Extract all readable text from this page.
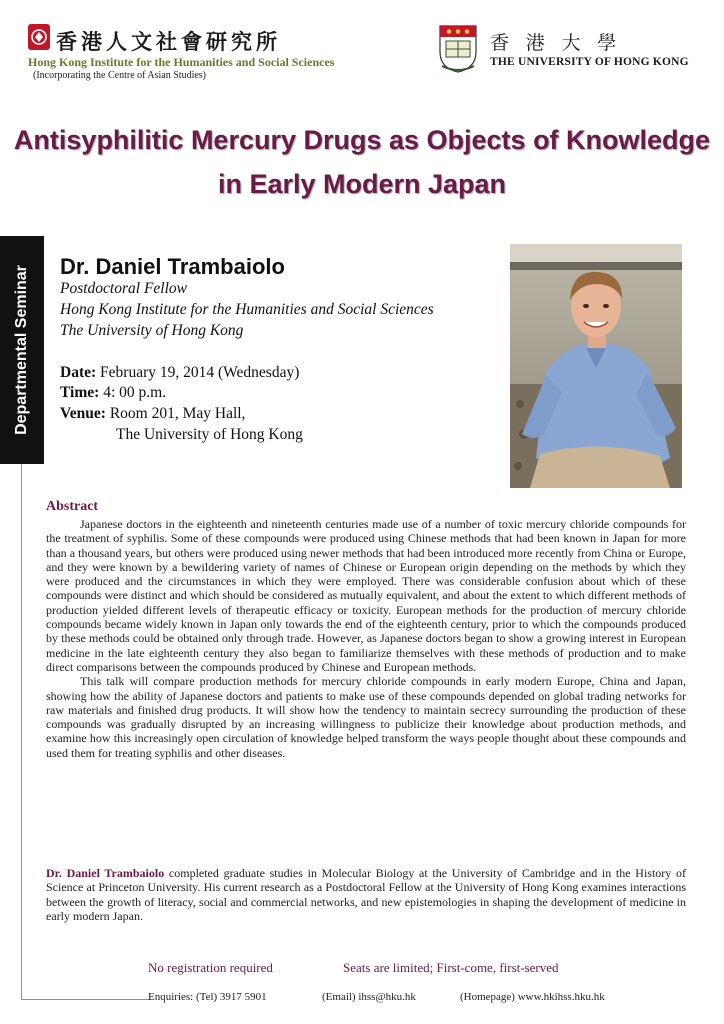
香港人文社會研究所
Hong Kong Institute for the Humanities and Social Sciences
(Incorporating the Centre of Asian Studies)
香 港 大 學
THE UNIVERSITY OF HONG KONG
Antisyphilitic Mercury Drugs as Objects of Knowledge
in Early Modern Japan
Departmental Seminar Dr. Daniel Trambaiolo
Postdoctoral Fellow
Hong Kong Institute for the Humanities and Social Sciences
The University of Hong Kong
Date: February 19, 2014 (Wednesday)
Time: 4: 00 p.m.
Venue: Room 201, May Hall,
The University of Hong Kong
Abstract

Japanese doctors in the eighteenth and nineteenth centuries made use of a number of toxic mercury chloride compounds for the treatment of syphilis. Some of these compounds were produced using Chinese methods that had been known in Japan for more than a thousand years, but others were produced using newer methods that had been introduced more recently from China or Europe, and they were known by a bewildering variety of names of Chinese or European origin depending on the methods by which they were produced and the circumstances in which they were employed. There was considerable confusion about which of these compounds were distinct and which should be considered as mutually equivalent, and about the extent to which different methods of production yielded different levels of therapeutic efficacy or toxicity. European methods for the production of mercury chloride compounds became widely known in Japan only towards the end of the eighteenth century, prior to which the compounds produced by these methods could be obtained only through trade. However, as Japanese doctors began to show a growing interest in European medicine in the late eighteenth century they also began to familiarize themselves with these methods of production and to make direct comparisons between the compounds produced by Chinese and European methods.

This talk will compare production methods for mercury chloride compounds in early modern Europe, China and Japan, showing how the ability of Japanese doctors and patients to make use of these compounds depended on global trading networks for raw materials and finished drug products. It will show how the tendency to maintain secrecy surrounding the production of these compounds was gradually disrupted by an increasing willingness to publicize their knowledge about production methods, and examine how this increasingly open circulation of knowledge helped transform the ways people thought about these compounds and used them for treating syphilis and other diseases.

Dr. Daniel Trambaiolo completed graduate studies in Molecular Biology at the University of Cambridge and in the History of Science at Princeton University. His current research as a Postdoctoral Fellow at the University of Hong Kong examines interactions between the growth of literacy, social and commercial networks, and new epistemologies in shaping the development of medicine in early modern Japan.
No registration required	Seats are limited; First-come, first-served
Enquiries: (Tel) 3917 5901	(Email) ihss@hku.hk	(Homepage) www.hkihss.hku.hk
